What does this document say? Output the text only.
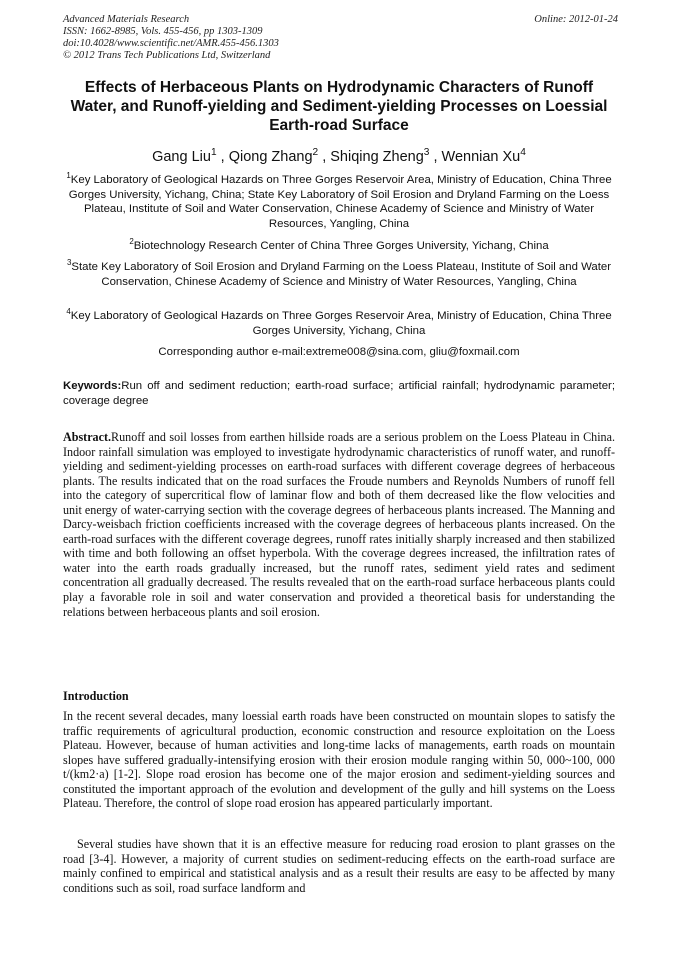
Advanced Materials Research
ISSN: 1662-8985, Vols. 455-456, pp 1303-1309
doi:10.4028/www.scientific.net/AMR.455-456.1303
© 2012 Trans Tech Publications Ltd, Switzerland
Online: 2012-01-24
Effects of Herbaceous Plants on Hydrodynamic Characters of Runoff Water, and Runoff-yielding and Sediment-yielding Processes on Loessial Earth-road Surface
Gang Liu$^1$ , Qiong Zhang$^2$ , Shiqing Zheng$^3$ , Wennian Xu$^4$
$^1$Key Laboratory of Geological Hazards on Three Gorges Reservoir Area, Ministry of Education, China Three Gorges University, Yichang, China; State Key Laboratory of Soil Erosion and Dryland Farming on the Loess Plateau, Institute of Soil and Water Conservation, Chinese Academy of Science and Ministry of Water Resources, Yangling, China
$^2$Biotechnology Research Center of China Three Gorges University, Yichang, China
$^3$State Key Laboratory of Soil Erosion and Dryland Farming on the Loess Plateau, Institute of Soil and Water Conservation, Chinese Academy of Science and Ministry of Water Resources, Yangling, China
$^4$Key Laboratory of Geological Hazards on Three Gorges Reservoir Area, Ministry of Education, China Three Gorges University, Yichang, China
Corresponding author e-mail:extreme008@sina.com, gliu@foxmail.com
Keywords:Run off and sediment reduction; earth-road surface; artificial rainfall; hydrodynamic parameter; coverage degree
Abstract.Runoff and soil losses from earthen hillside roads are a serious problem on the Loess Plateau in China. Indoor rainfall simulation was employed to investigate hydrodynamic characteristics of runoff water, and runoff-yielding and sediment-yielding processes on earth-road surfaces with different coverage degrees of herbaceous plants. The results indicated that on the road surfaces the Froude numbers and Reynolds Numbers of runoff fell into the category of supercritical flow of laminar flow and both of them decreased like the flow velocities and unit energy of water-carrying section with the coverage degrees of herbaceous plants increased. The Manning and Darcy-weisbach friction coefficients increased with the coverage degrees of herbaceous plants increased. On the earth-road surfaces with the different coverage degrees, runoff rates initially sharply increased and then stabilized with time and both following an offset hyperbola. With the coverage degrees increased, the infiltration rates of water into the earth roads gradually increased, but the runoff rates, sediment yield rates and sediment concentration all gradually decreased. The results revealed that on the earth-road surface herbaceous plants could play a favorable role in soil and water conservation and provided a theoretical basis for understanding the relations between herbaceous plants and soil erosion.
Introduction
In the recent several decades, many loessial earth roads have been constructed on mountain slopes to satisfy the traffic requirements of agricultural production, economic construction and resource exploitation on the Loess Plateau. However, because of human activities and long-time lacks of managements, earth roads on mountain slopes have suffered gradually-intensifying erosion with their erosion module ranging within 50, 000~100, 000 t/(km2·a) [1-2]. Slope road erosion has become one of the major erosion and sediment-yielding sources and constituted the important approach of the evolution and development of the gully and hill systems on the Loess Plateau. Therefore, the control of slope road erosion has appeared particularly important.
Several studies have shown that it is an effective measure for reducing road erosion to plant grasses on the road [3-4]. However, a majority of current studies on sediment-reducing effects on the earth-road surface are mainly confined to empirical and statistical analysis and as a result their results are easy to be affected by many conditions such as soil, road surface landform and
